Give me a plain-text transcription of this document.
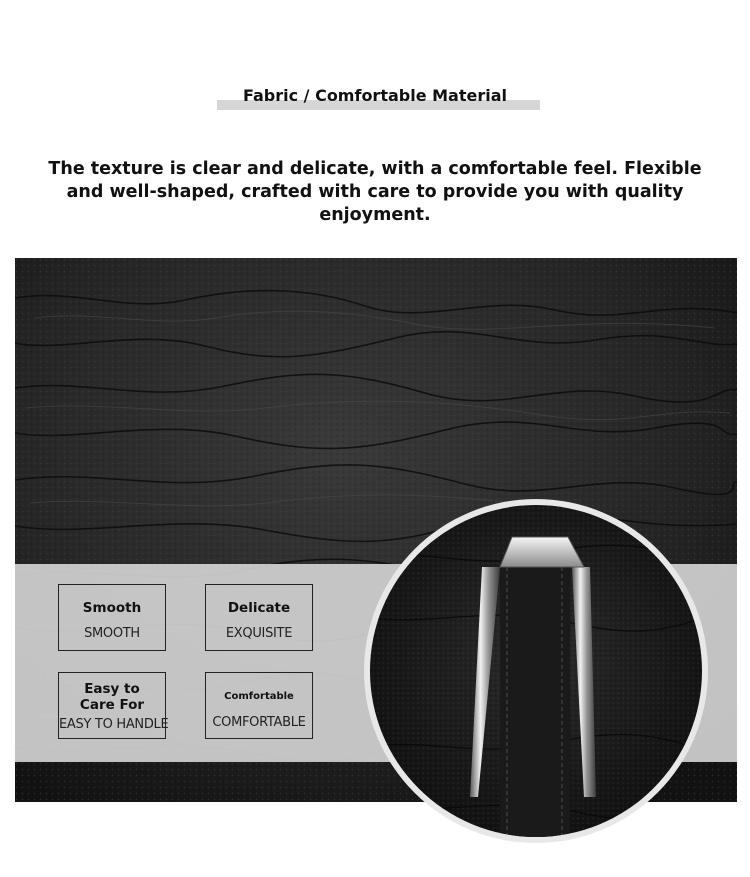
Fabric / Comfortable Material
The texture is clear and delicate, with a comfortable feel. Flexible and well-shaped, crafted with care to provide you with quality enjoyment.
Smooth
SMOOTH
Delicate
EXQUISITE
Easy to
Care For
EASY TO HANDLE
Comfortable
COMFORTABLE
